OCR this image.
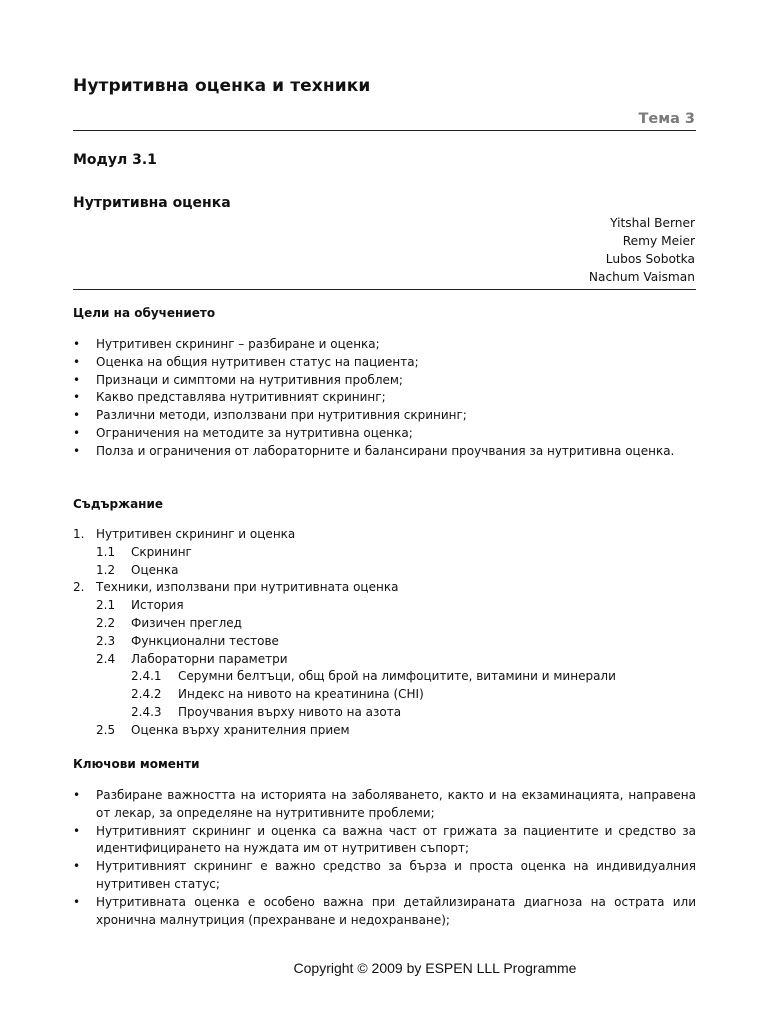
Нутритивна оценка и техники
Тема 3
Модул 3.1
Нутритивна оценка
Yitshal Berner
Remy Meier
Lubos Sobotka
Nachum Vaisman
Цели на обучението
• Нутритивен скрининг – разбиране и оценка;
• Оценка на общия нутритивен статус на пациента;
• Признаци и симптоми на нутритивния проблем;
• Какво представлява нутритивният скрининг;
• Различни методи, използвани при нутритивния скрининг;
• Ограничения на методите за нутритивна оценка;
• Полза и ограничения от лабораторните и балансирани проучвания за нутритивна оценка.
Съдържание
1. Нутритивен скрининг и оценка
1.1 Скрининг
1.2 Оценка
2. Техники, използвани при нутритивната оценка
2.1 История
2.2 Физичен преглед
2.3 Функционални тестове
2.4 Лабораторни параметри
2.4.1 Серумни белтъци, общ брой на лимфоцитите, витамини и минерали
2.4.2 Индекс на нивото на креатинина (CHI)
2.4.3 Проучвания върху нивото на азота
2.5 Оценка върху хранителния прием
Ключови моменти
• Разбиране важността на историята на заболяването, както и на екзаминацията, направена от лекар, за определяне на нутритивните проблеми;
• Нутритивният скрининг и оценка са важна част от грижата за пациентите и средство за идентифицирането на нуждата им от нутритивен съпорт;
• Нутритивният скрининг е важно средство за бърза и проста оценка на индивидуалния нутритивен статус;
• Нутритивната оценка е особено важна при детайлизираната диагноза на острата или хронична малнутриция (прехранване и недохранване);
Copyright © 2009 by ESPEN LLL Programme
